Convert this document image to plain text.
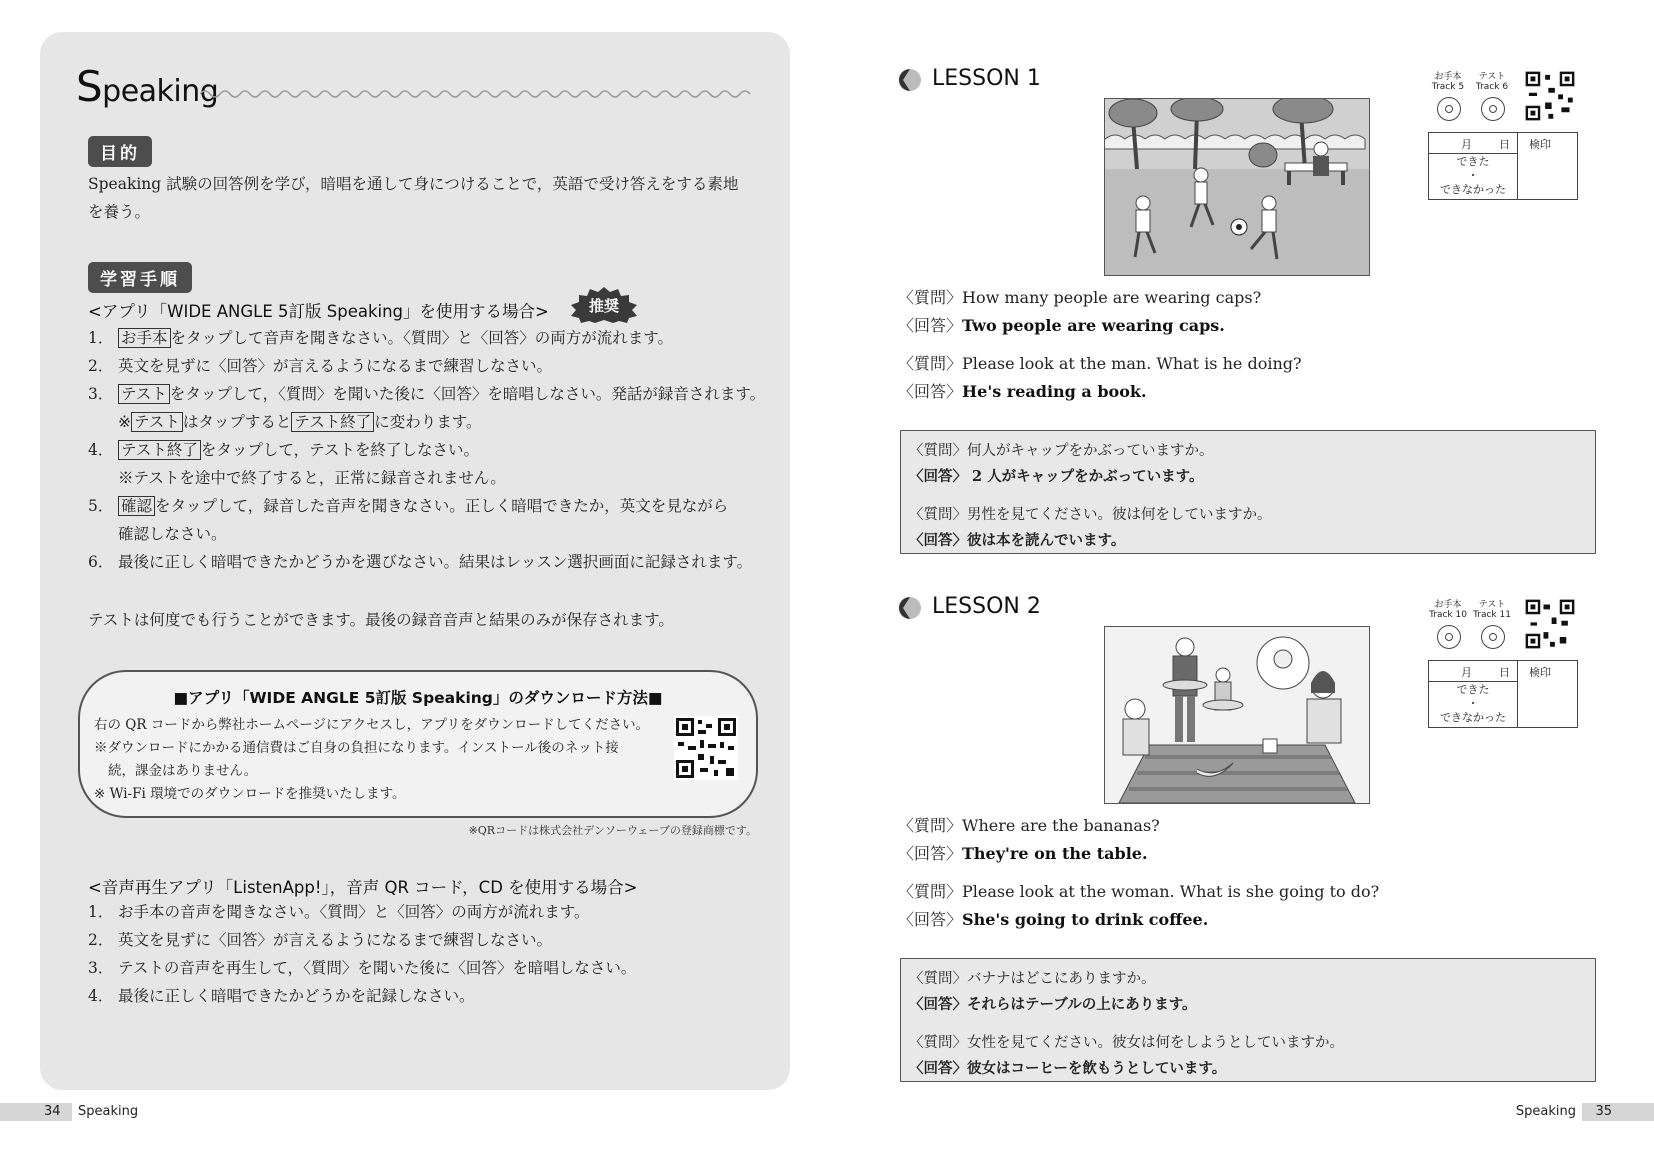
Speaking
目的
Speaking 試験の回答例を学び，暗唱を通して身につけることで，英語で受け答えをする素地
を養う。
学習手順
<アプリ「WIDE ANGLE 5訂版 Speaking」を使用する場合>	推奨
1． お手本 をタップして音声を聞きなさい。〈質問〉と〈回答〉の両方が流れます。
2． 英文を見ずに〈回答〉が言えるようになるまで練習しなさい。
3． テスト をタップして，〈質問〉を聞いた後に〈回答〉を暗唱しなさい。発話が録音されます。
※ テスト はタップすると テスト終了 に変わります。
4． テスト終了 をタップして，テストを終了しなさい。
※テストを途中で終了すると，正常に録音されません。
5． 確認 をタップして，録音した音声を聞きなさい。正しく暗唱できたか，英文を見ながら
確認しなさい。
6． 最後に正しく暗唱できたかどうかを選びなさい。結果はレッスン選択画面に記録されます。
テストは何度でも行うことができます。最後の録音音声と結果のみが保存されます。
■アプリ「WIDE ANGLE 5訂版 Speaking」のダウンロード方法■
右の QR コードから弊社ホームページにアクセスし，アプリをダウンロードしてください。
※ダウンロードにかかる通信費はご自身の負担になります。インストール後のネット接
続，課金はありません。
※ Wi-Fi 環境でのダウンロードを推奨いたします。
※QRコードは株式会社デンソーウェーブの登録商標です。
<音声再生アプリ「ListenApp!」，音声 QR コード，CD を使用する場合>
1． お手本の音声を聞きなさい。〈質問〉と〈回答〉の両方が流れます。
2． 英文を見ずに〈回答〉が言えるようになるまで練習しなさい。
3． テストの音声を再生して，〈質問〉を聞いた後に〈回答〉を暗唱しなさい。
4． 最後に正しく暗唱できたかどうかを記録しなさい。
LESSON 1	お手本
Track 5
テスト
Track 6
月 日 検印
できた
・
できなかった
〈質問〉How many people are wearing caps?
〈回答〉Two people are wearing caps.
〈質問〉Please look at the man. What is he doing?
〈回答〉He's reading a book.
〈質問〉何人がキャップをかぶっていますか。
〈回答〉 2 人がキャップをかぶっています。
〈質問〉男性を見てください。彼は何をしていますか。
〈回答〉彼は本を読んでいます。
LESSON 2	お手本
Track 10
テスト
Track 11
月 日 検印
できた
・
できなかった
〈質問〉Where are the bananas?
〈回答〉They're on the table.
〈質問〉Please look at the woman. What is she going to do?
〈回答〉She's going to drink coffee.
〈質問〉バナナはどこにありますか。
〈回答〉それらはテーブルの上にあります。
〈質問〉女性を見てください。彼女は何をしようとしていますか。
〈回答〉彼女はコーヒーを飲もうとしています。
34 Speaking	Speaking 35
